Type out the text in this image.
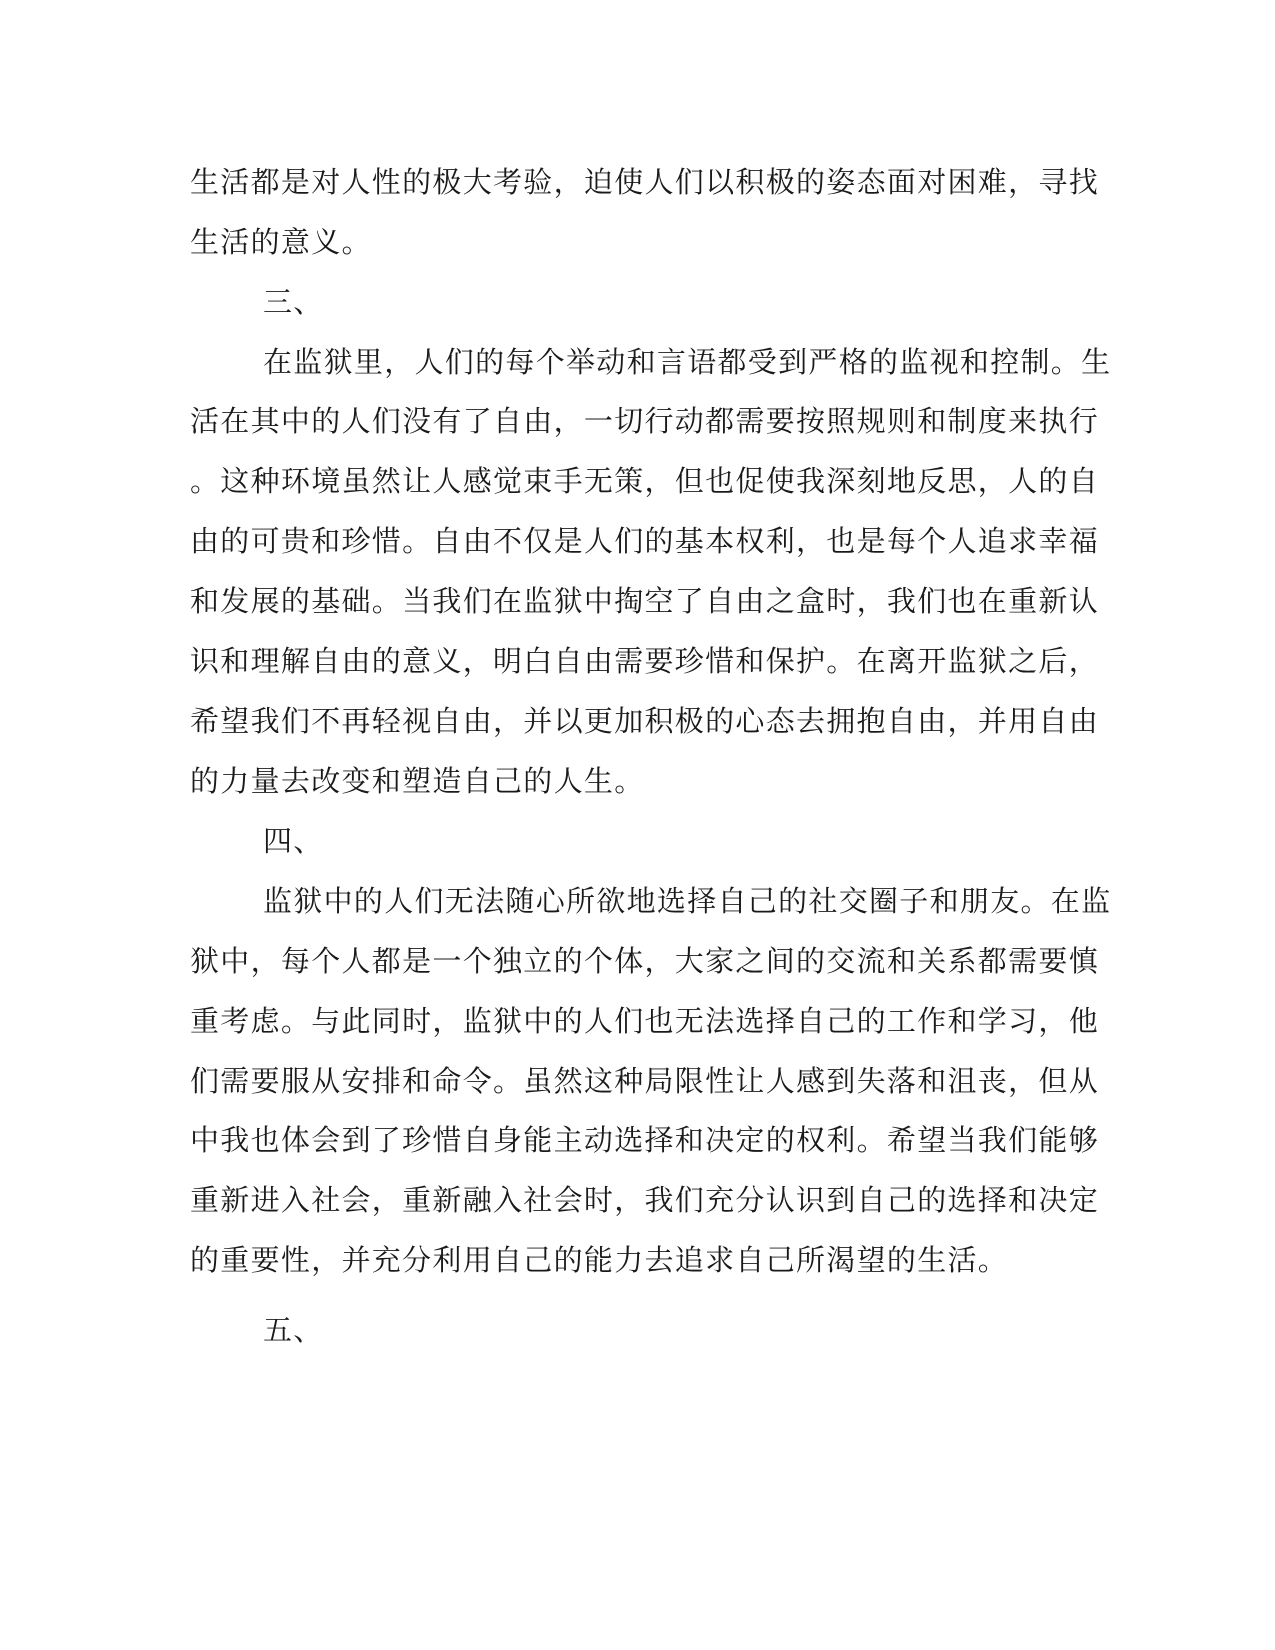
生活都是对人性的极大考验，迫使人们以积极的姿态面对困难，寻找
生活的意义。
三、
在监狱里，人们的每个举动和言语都受到严格的监视和控制。生
活在其中的人们没有了自由，一切行动都需要按照规则和制度来执行
。这种环境虽然让人感觉束手无策，但也促使我深刻地反思，人的自
由的可贵和珍惜。自由不仅是人们的基本权利，也是每个人追求幸福
和发展的基础。当我们在监狱中掏空了自由之盒时，我们也在重新认
识和理解自由的意义，明白自由需要珍惜和保护。在离开监狱之后，
希望我们不再轻视自由，并以更加积极的心态去拥抱自由，并用自由
的力量去改变和塑造自己的人生。
四、
监狱中的人们无法随心所欲地选择自己的社交圈子和朋友。在监
狱中，每个人都是一个独立的个体，大家之间的交流和关系都需要慎
重考虑。与此同时，监狱中的人们也无法选择自己的工作和学习，他
们需要服从安排和命令。虽然这种局限性让人感到失落和沮丧，但从
中我也体会到了珍惜自身能主动选择和决定的权利。希望当我们能够
重新进入社会，重新融入社会时，我们充分认识到自己的选择和决定
的重要性，并充分利用自己的能力去追求自己所渴望的生活。
五、
